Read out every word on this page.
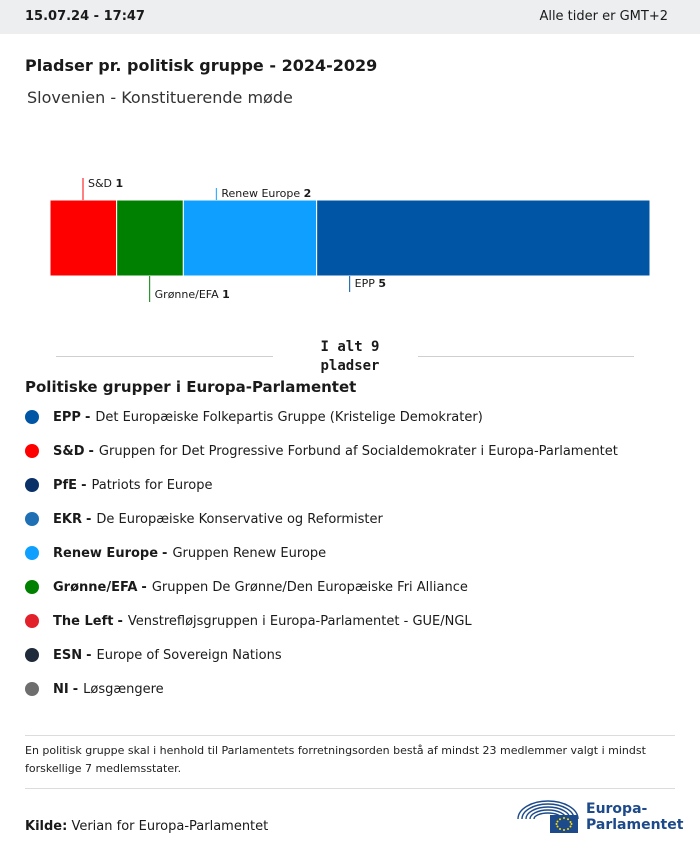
15.07.24 - 17:47	Alle tider er GMT+2
Pladser pr. politisk gruppe - 2024-2029
Slovenien - Konstituerende møde
S&D 1
Grønne/EFA 1
Renew Europe 2
EPP 5
I alt 9
pladser
Politiske grupper i Europa-Parlamentet
EPP - Det Europæiske Folkepartis Gruppe (Kristelige Demokrater)
S&D - Gruppen for Det Progressive Forbund af Socialdemokrater i Europa-Parlamentet
PfE - Patriots for Europe
EKR - De Europæiske Konservative og Reformister
Renew Europe - Gruppen Renew Europe
Grønne/EFA - Gruppen De Grønne/Den Europæiske Fri Alliance
The Left - Venstrefløjsgruppen i Europa-Parlamentet - GUE/NGL
ESN - Europe of Sovereign Nations
NI - Løsgængere
En politisk gruppe skal i henhold til Parlamentets forretningsorden bestå af mindst 23 medlemmer valgt i mindst forskellige 7 medlemsstater.
Kilde: Verian for Europa-Parlamentet
Europa-
Parlamentet
